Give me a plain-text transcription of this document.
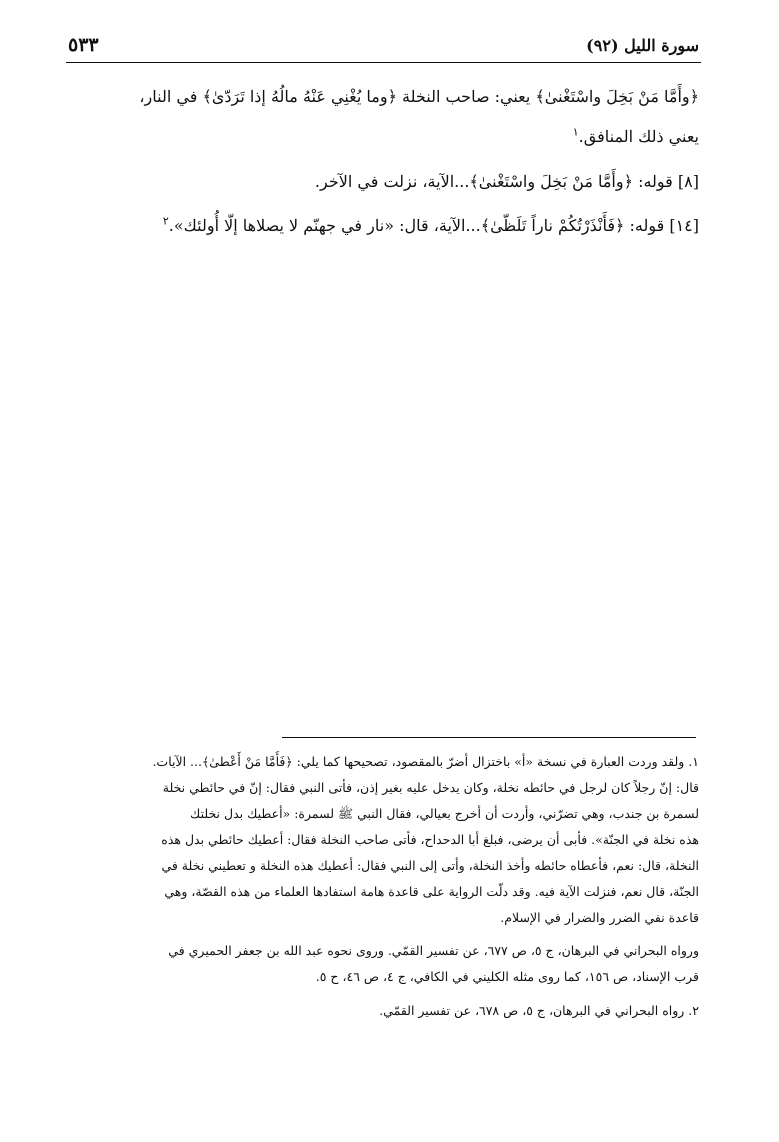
٥٣٣	سورة الليل (٩٢)
﴿وأَمَّا مَنْ بَخِلَ واسْتَغْنىٰ﴾ يعني: صاحب النخلة ﴿وما يُغْنِي عَنْهُ مالُهُ إذا تَرَدّىٰ﴾ في النار،
يعني ذلك المنافق.$^١$
[٨] قوله: ﴿وأَمَّا مَنْ بَخِلَ واسْتَغْنىٰ﴾...الآية، نزلت في الآخر.
[١٤] قوله: ﴿فَأَنْذَرْتُكُمْ ناراً تَلَظّىٰ﴾...الآية، قال: «نار في جهنّم لا يصلاها إلّا أُولئك».$^٢$
١. ولقد وردت العبارة في نسخة «أ» باختزال أضرّ بالمقصود، تصحيحها كما يلي: ﴿فَأَمَّا مَنْ أَعْطىٰ﴾... الآيات.
قال: إنّ رجلاً كان لرجل في حائطه نخلة، وكان يدخل عليه بغير إذن، فأتى النبي فقال: إنّ في حائطي نخلة
لسمرة بن جندب، وهي تضرّني، وأردت أن أخرج بعيالي، فقال النبي ﷺ لسمرة: «أعطيك بدل نخلتك
هذه نخلة في الجنّة». فأبى أن يرضى، فبلغ أبا الدحداح، فأتى صاحب النخلة فقال: أعطيك حائطي بدل هذه
النخلة، قال: نعم، فأعطاه حائطه وأخذ النخلة، وأتى إلى النبي فقال: أعطيك هذه النخلة و تعطيني نخلة في
الجنّة، قال نعم، فنزلت الآية فيه. وقد دلّت الرواية على قاعدة هامة استفادها العلماء من هذه القصّة، وهي
قاعدة نفي الضرر والضرار في الإسلام.
ورواه البحراني في البرهان، ج ٥، ص ٦٧٧، عن تفسير القمّي. وروى نحوه عبد الله بن جعفر الحميري في
قرب الإسناد، ص ١٥٦، كما روى مثله الكليني في الكافي، ج ٤، ص ٤٦، ح ٥.
٢. رواه البحراني في البرهان، ج ٥، ص ٦٧٨، عن تفسير القمّي.
